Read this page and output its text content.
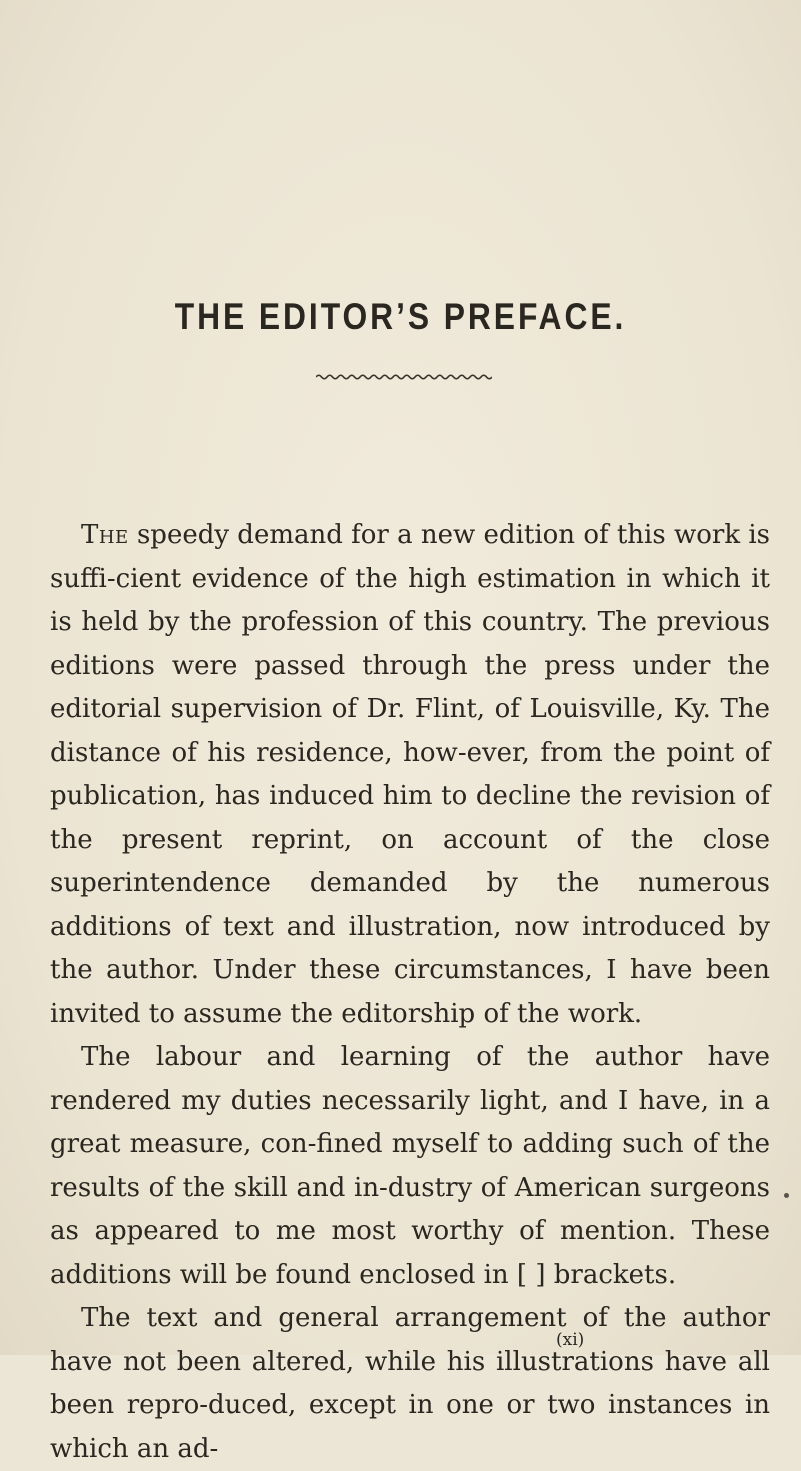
THE EDITOR’S PREFACE.

The speedy demand for a new edition of this work is suffi-cient evidence of the high estimation in which it is held by the profession of this country. The previous editions were passed through the press under the editorial supervision of Dr. Flint, of Louisville, Ky. The distance of his residence, how-ever, from the point of publication, has induced him to decline the revision of the present reprint, on account of the close superintendence demanded by the numerous additions of text and illustration, now introduced by the author. Under these circumstances, I have been invited to assume the editorship of the work.

The labour and learning of the author have rendered my duties necessarily light, and I have, in a great measure, con-fined myself to adding such of the results of the skill and in-dustry of American surgeons as appeared to me most worthy of mention. These additions will be found enclosed in [ ] brackets.

The text and general arrangement of the author have not been altered, while his illustrations have all been repro-duced, except in one or two instances in which an ad-

(xi)
